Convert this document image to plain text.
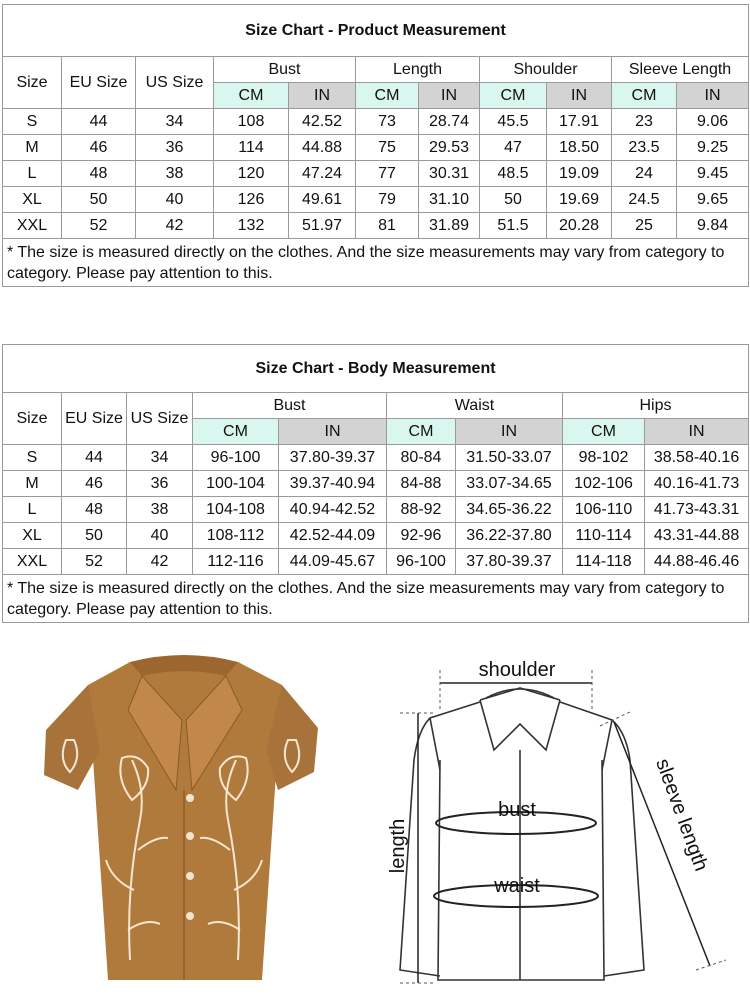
Size Chart - Product Measurement										
Size	EU Size	US Size	Bust		Length		Shoulder		Sleeve Length	
			CM	IN	CM	IN	CM	IN	CM	IN
S	44	34	108	42.52	73	28.74	45.5	17.91	23	9.06
M	46	36	114	44.88	75	29.53	47	18.50	23.5	9.25
L	48	38	120	47.24	77	30.31	48.5	19.09	24	9.45
XL	50	40	126	49.61	79	31.10	50	19.69	24.5	9.65
XXL	52	42	132	51.97	81	31.89	51.5	20.28	25	9.84
* The size is measured directly on the clothes. And the size measurements may vary from category to category. Please pay attention to this.										
Size Chart - Body Measurement								
Size	EU Size	US Size	Bust		Waist		Hips	
			CM	IN	CM	IN	CM	IN
S	44	34	96-100	37.80-39.37	80-84	31.50-33.07	98-102	38.58-40.16
M	46	36	100-104	39.37-40.94	84-88	33.07-34.65	102-106	40.16-41.73
L	48	38	104-108	40.94-42.52	88-92	34.65-36.22	106-110	41.73-43.31
XL	50	40	108-112	42.52-44.09	92-96	36.22-37.80	110-114	43.31-44.88
XXL	52	42	112-116	44.09-45.67	96-100	37.80-39.37	114-118	44.88-46.46
* The size is measured directly on the clothes. And the size measurements may vary from category to category. Please pay attention to this.								
shoulder
bust
waist
length	sleeve length
